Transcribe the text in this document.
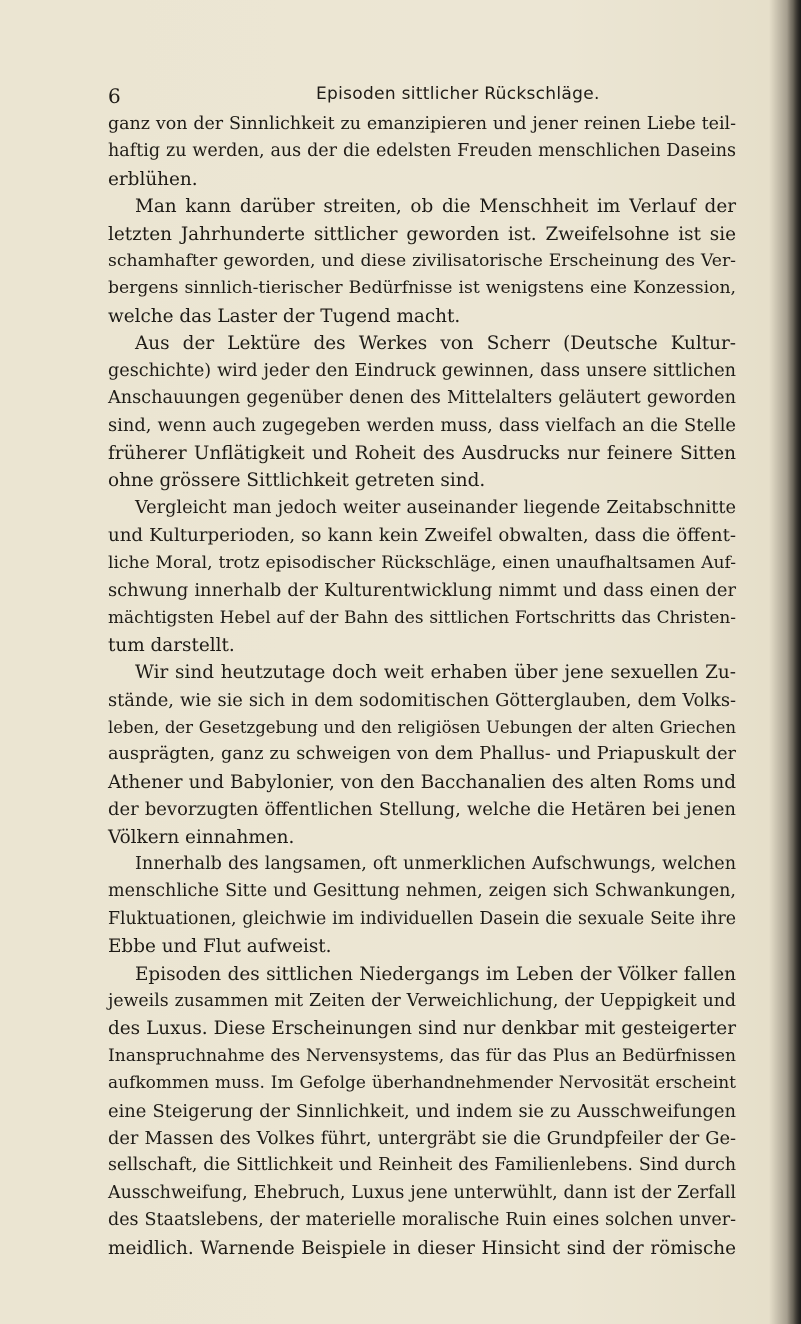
6	Episoden sittlicher Rückschläge.
ganz von der Sinnlichkeit zu emanzipieren und jener reinen Liebe teil-
haftig zu werden, aus der die edelsten Freuden menschlichen Daseins
erblühen.
Man kann darüber streiten, ob die Menschheit im Verlauf der
letzten Jahrhunderte sittlicher geworden ist. Zweifelsohne ist sie
schamhafter geworden, und diese zivilisatorische Erscheinung des Ver-
bergens sinnlich-tierischer Bedürfnisse ist wenigstens eine Konzession,
welche das Laster der Tugend macht.
Aus der Lektüre des Werkes von Scherr (Deutsche Kultur-
geschichte) wird jeder den Eindruck gewinnen, dass unsere sittlichen
Anschauungen gegenüber denen des Mittelalters geläutert geworden
sind, wenn auch zugegeben werden muss, dass vielfach an die Stelle
früherer Unflätigkeit und Roheit des Ausdrucks nur feinere Sitten
ohne grössere Sittlichkeit getreten sind.
Vergleicht man jedoch weiter auseinander liegende Zeitabschnitte
und Kulturperioden, so kann kein Zweifel obwalten, dass die öffent-
liche Moral, trotz episodischer Rückschläge, einen unaufhaltsamen Auf-
schwung innerhalb der Kulturentwicklung nimmt und dass einen der
mächtigsten Hebel auf der Bahn des sittlichen Fortschritts das Christen-
tum darstellt.
Wir sind heutzutage doch weit erhaben über jene sexuellen Zu-
stände, wie sie sich in dem sodomitischen Götterglauben, dem Volks-
leben, der Gesetzgebung und den religiösen Uebungen der alten Griechen
ausprägten, ganz zu schweigen von dem Phallus- und Priapuskult der
Athener und Babylonier, von den Bacchanalien des alten Roms und
der bevorzugten öffentlichen Stellung, welche die Hetären bei jenen
Völkern einnahmen.
Innerhalb des langsamen, oft unmerklichen Aufschwungs, welchen
menschliche Sitte und Gesittung nehmen, zeigen sich Schwankungen,
Fluktuationen, gleichwie im individuellen Dasein die sexuale Seite ihre
Ebbe und Flut aufweist.
Episoden des sittlichen Niedergangs im Leben der Völker fallen
jeweils zusammen mit Zeiten der Verweichlichung, der Ueppigkeit und
des Luxus. Diese Erscheinungen sind nur denkbar mit gesteigerter
Inanspruchnahme des Nervensystems, das für das Plus an Bedürfnissen
aufkommen muss. Im Gefolge überhandnehmender Nervosität erscheint
eine Steigerung der Sinnlichkeit, und indem sie zu Ausschweifungen
der Massen des Volkes führt, untergräbt sie die Grundpfeiler der Ge-
sellschaft, die Sittlichkeit und Reinheit des Familienlebens. Sind durch
Ausschweifung, Ehebruch, Luxus jene unterwühlt, dann ist der Zerfall
des Staatslebens, der materielle moralische Ruin eines solchen unver-
meidlich. Warnende Beispiele in dieser Hinsicht sind der römische
